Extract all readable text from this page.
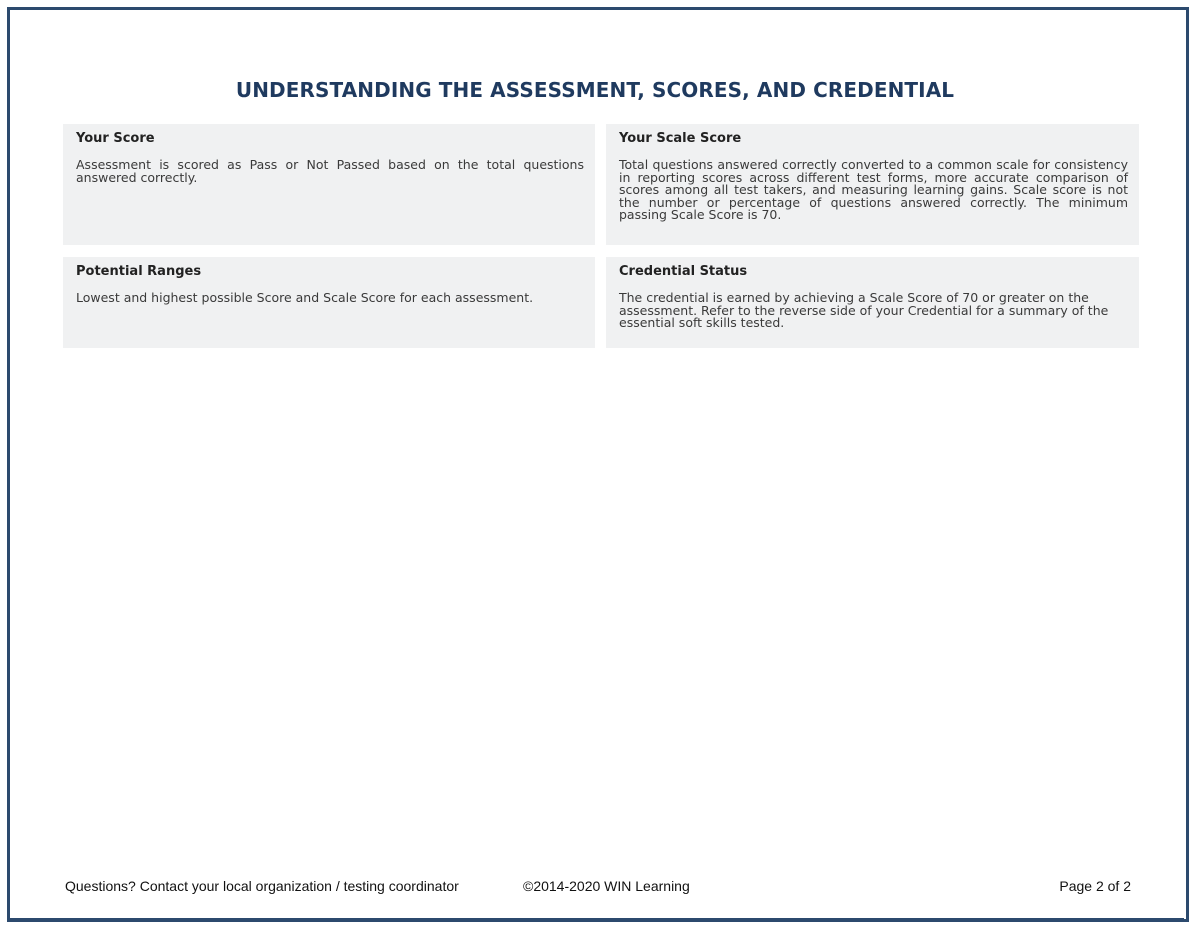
UNDERSTANDING THE ASSESSMENT, SCORES, AND CREDENTIAL

Your Score

Assessment is scored as Pass or Not Passed based on the total questions answered correctly.

Your Scale Score

Total questions answered correctly converted to a common scale for consistency in reporting scores across different test forms, more accurate comparison of scores among all test takers, and measuring learning gains. Scale score is not the number or percentage of questions answered correctly. The minimum passing Scale Score is 70.

Potential Ranges

Lowest and highest possible Score and Scale Score for each assessment.

Credential Status

The credential is earned by achieving a Scale Score of 70 or greater on the assessment. Refer to the reverse side of your Credential for a summary of the essential soft skills tested.

Questions? Contact your local organization / testing coordinator	©2014-2020 WIN Learning	Page 2 of 2
